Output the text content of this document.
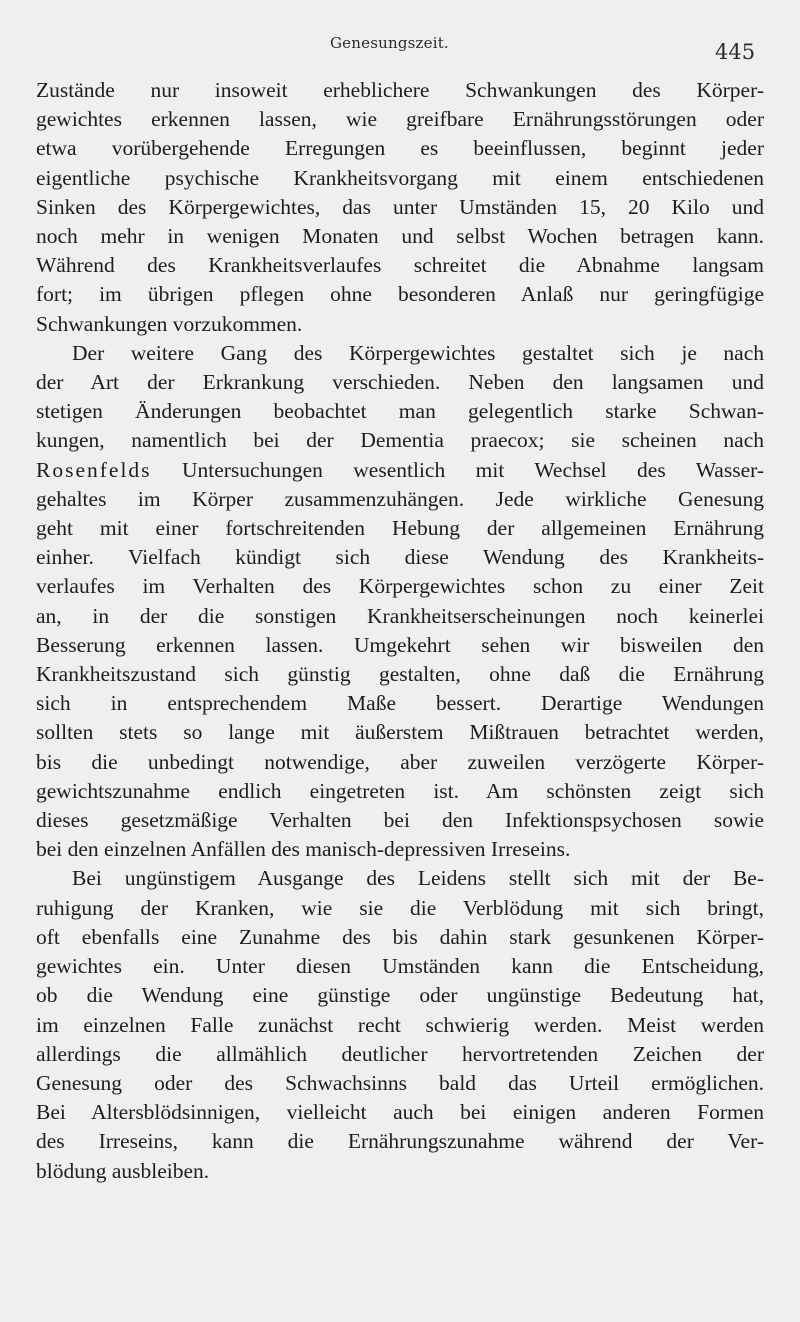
Genesungszeit.	445
Zustände nur insoweit erheblichere Schwankungen des Körper-
gewichtes erkennen lassen, wie greifbare Ernährungsstörungen oder
etwa vorübergehende Erregungen es beeinflussen, beginnt jeder
eigentliche psychische Krankheitsvorgang mit einem entschiedenen
Sinken des Körpergewichtes, das unter Umständen 15, 20 Kilo und
noch mehr in wenigen Monaten und selbst Wochen betragen kann.
Während des Krankheitsverlaufes schreitet die Abnahme langsam
fort; im übrigen pflegen ohne besonderen Anlaß nur geringfügige
Schwankungen vorzukommen.
Der weitere Gang des Körpergewichtes gestaltet sich je nach
der Art der Erkrankung verschieden. Neben den langsamen und
stetigen Änderungen beobachtet man gelegentlich starke Schwan-
kungen, namentlich bei der Dementia praecox; sie scheinen nach
Rosenfelds Untersuchungen wesentlich mit Wechsel des Wasser-
gehaltes im Körper zusammenzuhängen. Jede wirkliche Genesung
geht mit einer fortschreitenden Hebung der allgemeinen Ernährung
einher. Vielfach kündigt sich diese Wendung des Krankheits-
verlaufes im Verhalten des Körpergewichtes schon zu einer Zeit
an, in der die sonstigen Krankheitserscheinungen noch keinerlei
Besserung erkennen lassen. Umgekehrt sehen wir bisweilen den
Krankheitszustand sich günstig gestalten, ohne daß die Ernährung
sich in entsprechendem Maße bessert. Derartige Wendungen
sollten stets so lange mit äußerstem Mißtrauen betrachtet werden,
bis die unbedingt notwendige, aber zuweilen verzögerte Körper-
gewichtszunahme endlich eingetreten ist. Am schönsten zeigt sich
dieses gesetzmäßige Verhalten bei den Infektionspsychosen sowie
bei den einzelnen Anfällen des manisch-depressiven Irreseins.
Bei ungünstigem Ausgange des Leidens stellt sich mit der Be-
ruhigung der Kranken, wie sie die Verblödung mit sich bringt,
oft ebenfalls eine Zunahme des bis dahin stark gesunkenen Körper-
gewichtes ein. Unter diesen Umständen kann die Entscheidung,
ob die Wendung eine günstige oder ungünstige Bedeutung hat,
im einzelnen Falle zunächst recht schwierig werden. Meist werden
allerdings die allmählich deutlicher hervortretenden Zeichen der
Genesung oder des Schwachsinns bald das Urteil ermöglichen.
Bei Altersblödsinnigen, vielleicht auch bei einigen anderen Formen
des Irreseins, kann die Ernährungszunahme während der Ver-
blödung ausbleiben.
